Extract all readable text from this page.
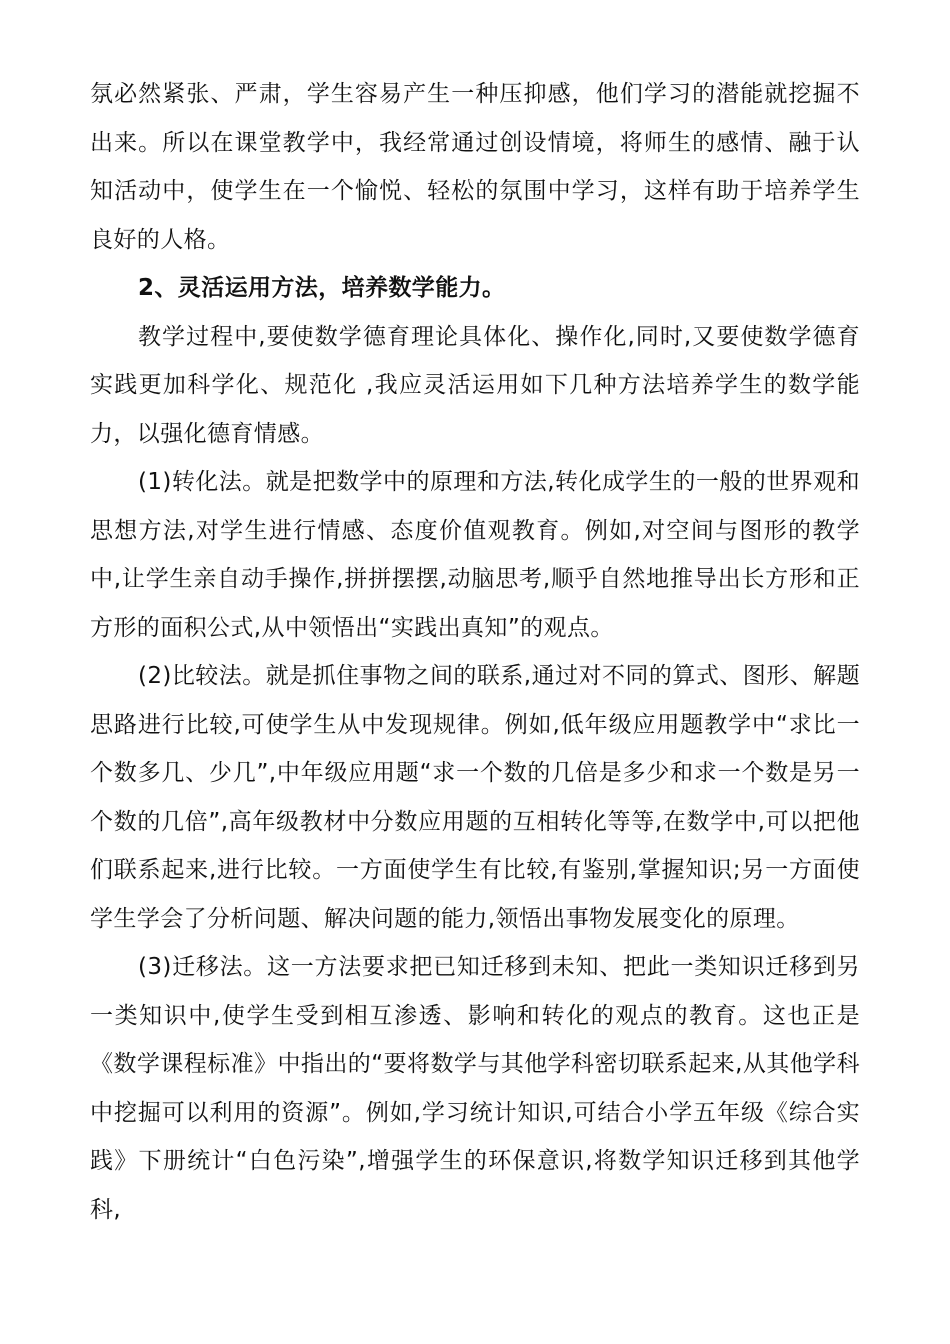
氛必然紧张、严肃，学生容易产生一种压抑感，他们学习的潜能就挖掘不出来。所以在课堂教学中，我经常通过创设情境，将师生的感情、融于认知活动中，使学生在一个愉悦、轻松的氛围中学习，这样有助于培养学生良好的人格。

2、灵活运用方法，培养数学能力。

教学过程中,要使数学德育理论具体化、操作化,同时,又要使数学德育实践更加科学化、规范化 ,我应灵活运用如下几种方法培养学生的数学能力，以强化德育情感。

(1)转化法。就是把数学中的原理和方法,转化成学生的一般的世界观和思想方法,对学生进行情感、态度价值观教育。例如,对空间与图形的教学中,让学生亲自动手操作,拼拼摆摆,动脑思考,顺乎自然地推导出长方形和正方形的面积公式,从中领悟出“实践出真知”的观点。

(2)比较法。就是抓住事物之间的联系,通过对不同的算式、图形、解题思路进行比较,可使学生从中发现规律。例如,低年级应用题教学中“求比一个数多几、少几”,中年级应用题“求一个数的几倍是多少和求一个数是另一个数的几倍”,高年级教材中分数应用题的互相转化等等,在数学中,可以把他们联系起来,进行比较。一方面使学生有比较,有鉴别,掌握知识;另一方面使学生学会了分析问题、解决问题的能力,领悟出事物发展变化的原理。

(3)迁移法。这一方法要求把已知迁移到未知、把此一类知识迁移到另一类知识中,使学生受到相互渗透、影响和转化的观点的教育。这也正是《数学课程标准》中指出的“要将数学与其他学科密切联系起来,从其他学科中挖掘可以利用的资源”。例如,学习统计知识,可结合小学五年级《综合实践》下册统计“白色污染”,增强学生的环保意识,将数学知识迁移到其他学科,
